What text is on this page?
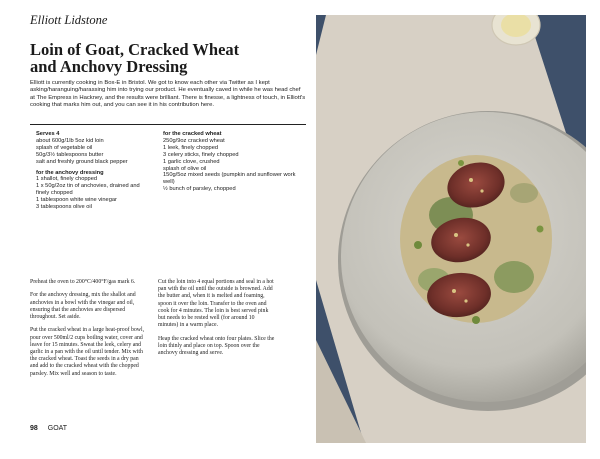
Elliott Lidstone
Loin of Goat, Cracked Wheat
and Anchovy Dressing
Elliott is currently cooking in Box-E in Bristol. We got to know each other via Twitter as I kept asking/haranguing/harassing him into trying our product. He eventually caved in while he was head chef at The Empress in Hackney, and the results were brilliant. There is finesse, a lightness of touch, in Elliott's cooking that marks him out, and you can see it in his contribution here.
Serves 4
about 600g/1lb 5oz kid loin
splash of vegetable oil
50g/3½ tablespoons butter
salt and freshly ground black pepper
for the anchovy dressing
1 shallot, finely chopped
1 x 50g/2oz tin of anchovies, drained and finely chopped
1 tablespoon white wine vinegar
3 tablespoons olive oil
for the cracked wheat
250g/9oz cracked wheat
1 leek, finely chopped
3 celery sticks, finely chopped
1 garlic clove, crushed
splash of olive oil
150g/5oz mixed seeds (pumpkin and sunflower work well)
½ bunch of parsley, chopped

Preheat the oven to 200°C/400°F/gas mark 6.

For the anchovy dressing, mix the shallot and anchovies in a bowl with the vinegar and oil, ensuring that the anchovies are dispersed throughout. Set aside.

Put the cracked wheat in a large heat-proof bowl, pour over 500ml/2 cups boiling water, cover and leave for 15 minutes. Sweat the leek, celery and garlic in a pan with the oil until tender. Mix with the cracked wheat. Toast the seeds in a dry pan and add to the cracked wheat with the chopped parsley. Mix well and season to taste.

Cut the loin into 4 equal portions and seal in a hot pan with the oil until the outside is browned. Add the butter and, when it is melted and foaming, spoon it over the loin. Transfer to the oven and cook for 4 minutes. The loin is best served pink but needs to be rested well (for around 10 minutes) in a warm place.

Heap the cracked wheat onto four plates. Slice the loin thinly and place on top. Spoon over the anchovy dressing and serve.

98 GOAT
